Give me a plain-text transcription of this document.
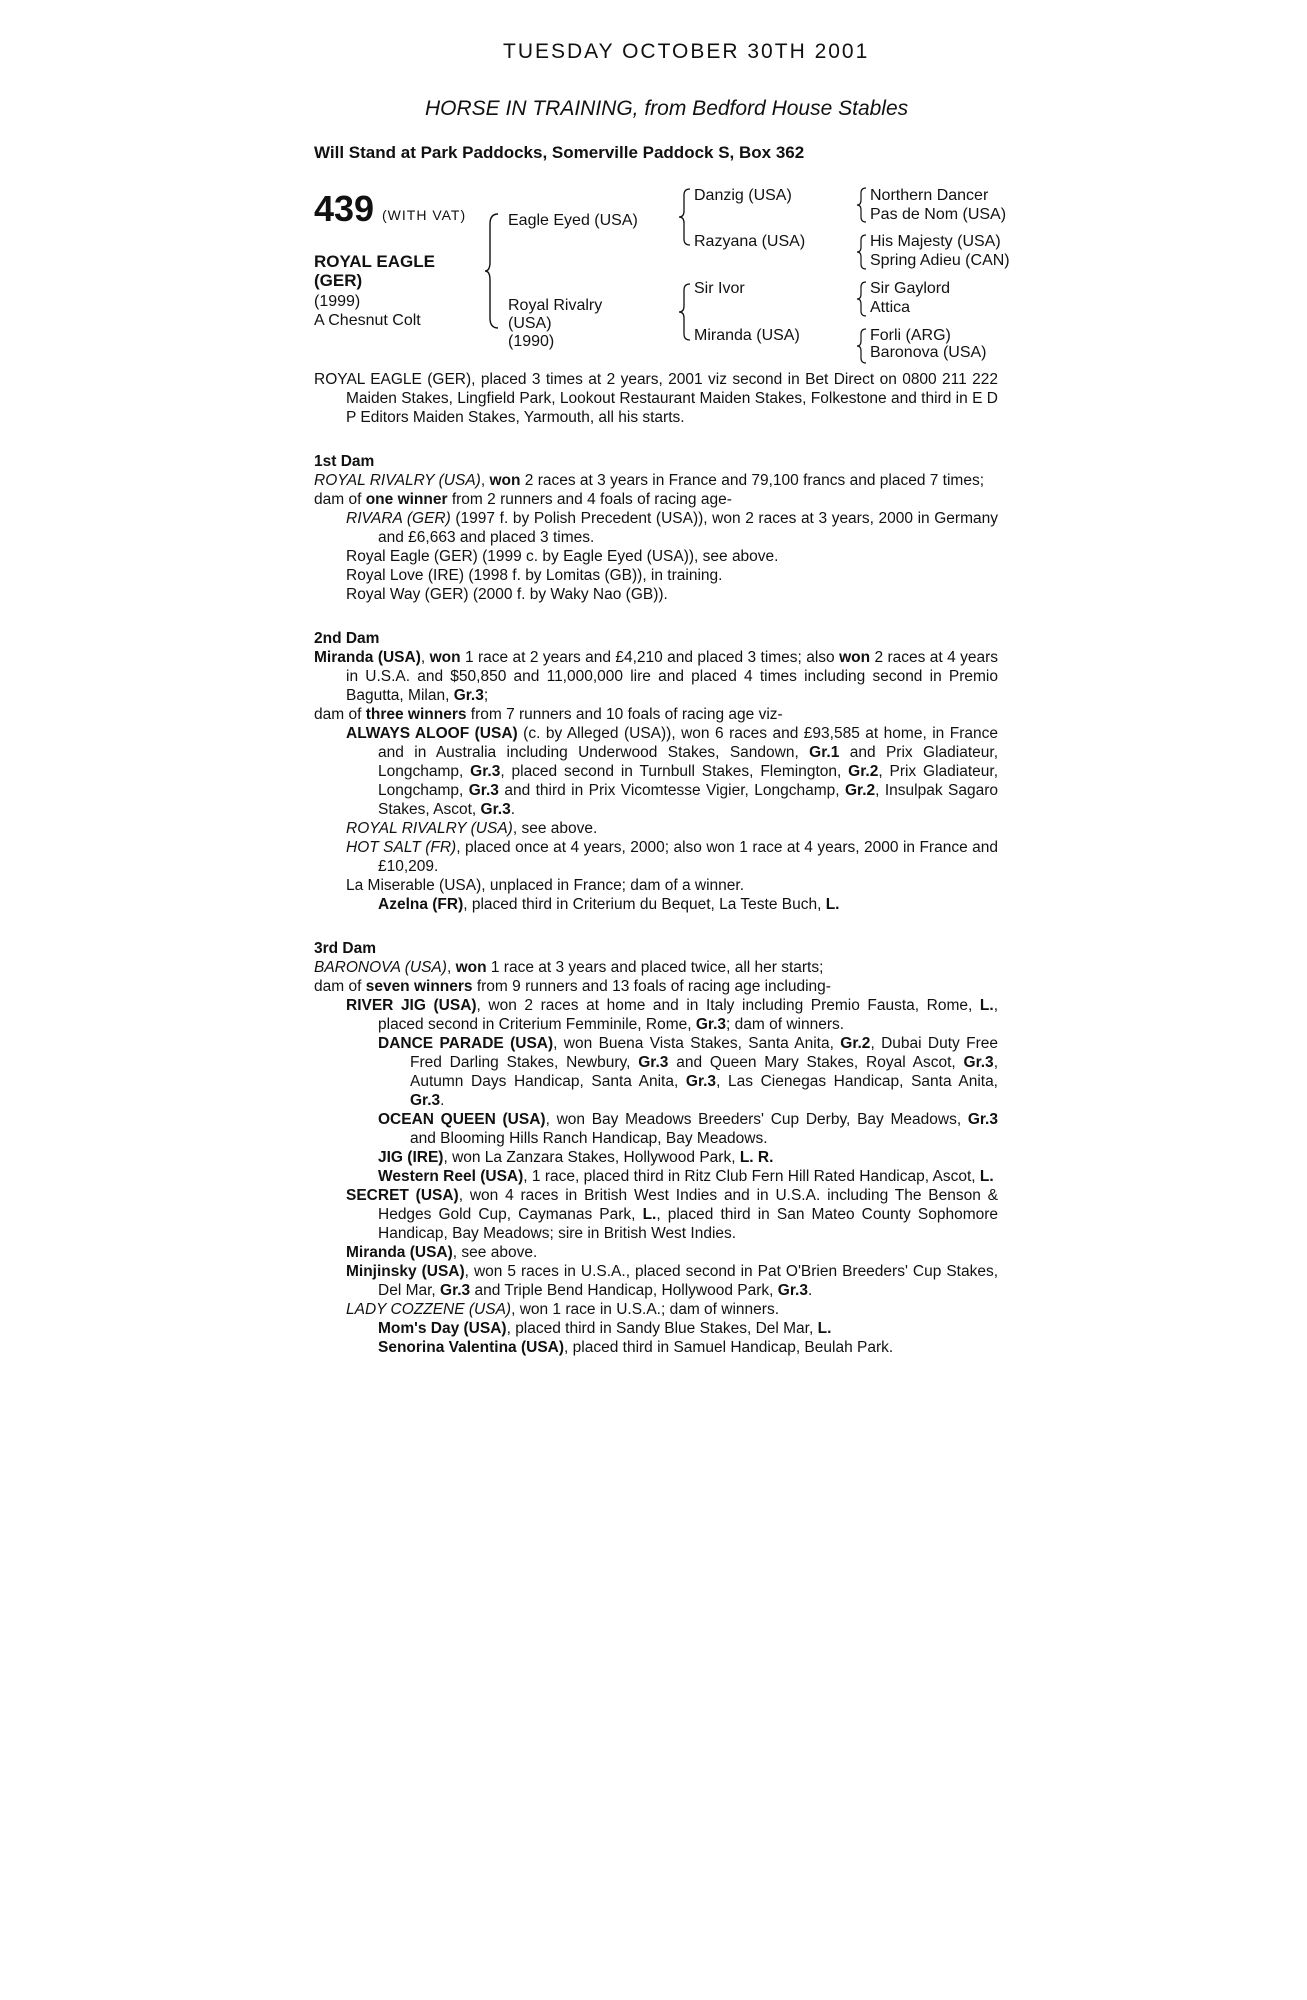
TUESDAY OCTOBER 30TH 2001
HORSE IN TRAINING, from Bedford House Stables
Will Stand at Park Paddocks, Somerville Paddock S, Box 362
439 (WITH VAT)
ROYAL EAGLE
(GER)
(1999)
A Chesnut Colt
Eagle Eyed (USA)
Royal Rivalry
(USA)
(1990)
Danzig (USA)
Razyana (USA)
Sir Ivor
Miranda (USA)
Northern Dancer
Pas de Nom (USA)
His Majesty (USA)
Spring Adieu (CAN)
Sir Gaylord
Attica
Forli (ARG)
Baronova (USA)

ROYAL EAGLE (GER), placed 3 times at 2 years, 2001 viz second in Bet Direct on 0800 211 222 Maiden Stakes, Lingfield Park, Lookout Restaurant Maiden Stakes, Folkestone and third in E D P Editors Maiden Stakes, Yarmouth, all his starts.

1st Dam

ROYAL RIVALRY (USA), won 2 races at 3 years in France and 79,100 francs and placed 7 times;

dam of one winner from 2 runners and 4 foals of racing age-

RIVARA (GER) (1997 f. by Polish Precedent (USA)), won 2 races at 3 years, 2000 in Germany and £6,663 and placed 3 times.

Royal Eagle (GER) (1999 c. by Eagle Eyed (USA)), see above.

Royal Love (IRE) (1998 f. by Lomitas (GB)), in training.

Royal Way (GER) (2000 f. by Waky Nao (GB)).

2nd Dam

Miranda (USA), won 1 race at 2 years and £4,210 and placed 3 times; also won 2 races at 4 years in U.S.A. and $50,850 and 11,000,000 lire and placed 4 times including second in Premio Bagutta, Milan, Gr.3;

dam of three winners from 7 runners and 10 foals of racing age viz-

ALWAYS ALOOF (USA) (c. by Alleged (USA)), won 6 races and £93,585 at home, in France and in Australia including Underwood Stakes, Sandown, Gr.1 and Prix Gladiateur, Longchamp, Gr.3, placed second in Turnbull Stakes, Flemington, Gr.2, Prix Gladiateur, Longchamp, Gr.3 and third in Prix Vicomtesse Vigier, Longchamp, Gr.2, Insulpak Sagaro Stakes, Ascot, Gr.3.

ROYAL RIVALRY (USA), see above.

HOT SALT (FR), placed once at 4 years, 2000; also won 1 race at 4 years, 2000 in France and £10,209.

La Miserable (USA), unplaced in France; dam of a winner.

Azelna (FR), placed third in Criterium du Bequet, La Teste Buch, L.

3rd Dam

BARONOVA (USA), won 1 race at 3 years and placed twice, all her starts;

dam of seven winners from 9 runners and 13 foals of racing age including-

RIVER JIG (USA), won 2 races at home and in Italy including Premio Fausta, Rome, L., placed second in Criterium Femminile, Rome, Gr.3; dam of winners.

DANCE PARADE (USA), won Buena Vista Stakes, Santa Anita, Gr.2, Dubai Duty Free Fred Darling Stakes, Newbury, Gr.3 and Queen Mary Stakes, Royal Ascot, Gr.3, Autumn Days Handicap, Santa Anita, Gr.3, Las Cienegas Handicap, Santa Anita, Gr.3.

OCEAN QUEEN (USA), won Bay Meadows Breeders' Cup Derby, Bay Meadows, Gr.3 and Blooming Hills Ranch Handicap, Bay Meadows.

JIG (IRE), won La Zanzara Stakes, Hollywood Park, L. R.

Western Reel (USA), 1 race, placed third in Ritz Club Fern Hill Rated Handicap, Ascot, L.

SECRET (USA), won 4 races in British West Indies and in U.S.A. including The Benson & Hedges Gold Cup, Caymanas Park, L., placed third in San Mateo County Sophomore Handicap, Bay Meadows; sire in British West Indies.

Miranda (USA), see above.

Minjinsky (USA), won 5 races in U.S.A., placed second in Pat O'Brien Breeders' Cup Stakes, Del Mar, Gr.3 and Triple Bend Handicap, Hollywood Park, Gr.3.

LADY COZZENE (USA), won 1 race in U.S.A.; dam of winners.

Mom's Day (USA), placed third in Sandy Blue Stakes, Del Mar, L.

Senorina Valentina (USA), placed third in Samuel Handicap, Beulah Park.
